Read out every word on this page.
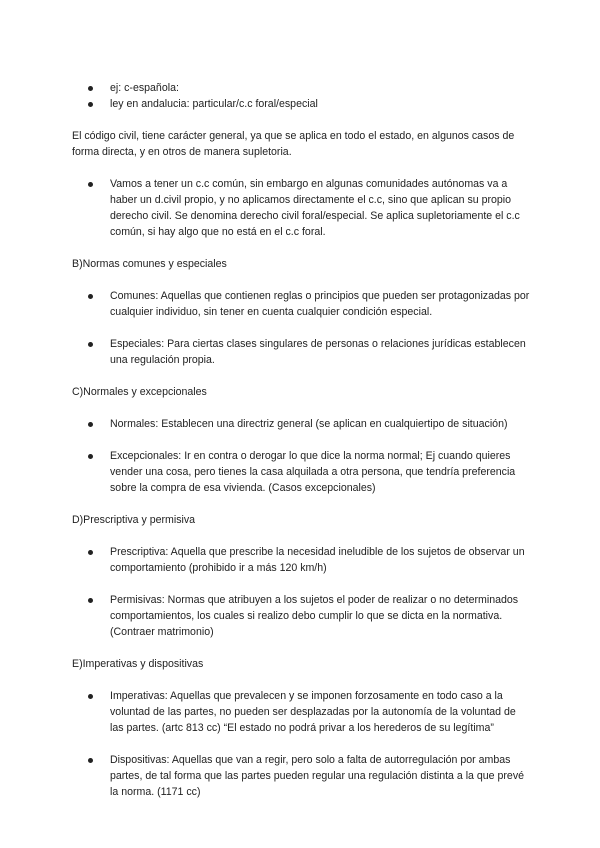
ej: c-española:
ley en andalucia: particular/c.c foral/especial

El código civil, tiene carácter general, ya que se aplica en todo el estado, en algunos casos de forma directa, y en otros de manera supletoria.

Vamos a tener un c.c común, sin embargo en algunas comunidades autónomas va a haber un d.civil propio, y no aplicamos directamente el c.c, sino que aplican su propio derecho civil. Se denomina derecho civil foral/especial. Se aplica supletoriamente el c.c común, si hay algo que no está en el c.c foral.

B)Normas comunes y especiales

Comunes: Aquellas que contienen reglas o principios que pueden ser protagonizadas por cualquier individuo, sin tener en cuenta cualquier condición especial.
Especiales: Para ciertas clases singulares de personas o relaciones jurídicas establecen una regulación propia.

C)Normales y excepcionales

Normales: Establecen una directriz general (se aplican en cualquiertipo de situación)
Excepcionales: Ir en contra o derogar lo que dice la norma normal; Ej cuando quieres vender una cosa, pero tienes la casa alquilada a otra persona, que tendría preferencia sobre la compra de esa vivienda. (Casos excepcionales)

D)Prescriptiva y permisiva

Prescriptiva: Aquella que prescribe la necesidad ineludible de los sujetos de observar un comportamiento (prohibido ir a más 120 km/h)
Permisivas: Normas que atribuyen a los sujetos el poder de realizar o no determinados comportamientos, los cuales si realizo debo cumplir lo que se dicta en la normativa. (Contraer matrimonio)

E)Imperativas y dispositivas

Imperativas: Aquellas que prevalecen y se imponen forzosamente en todo caso a la voluntad de las partes, no pueden ser desplazadas por la autonomía de la voluntad de las partes. (artc 813 cc) “El estado no podrá privar a los herederos de su legítima”
Dispositivas: Aquellas que van a regir, pero solo a falta de autorregulación por ambas partes, de tal forma que las partes pueden regular una regulación distinta a la que prevé la norma. (1171 cc)
